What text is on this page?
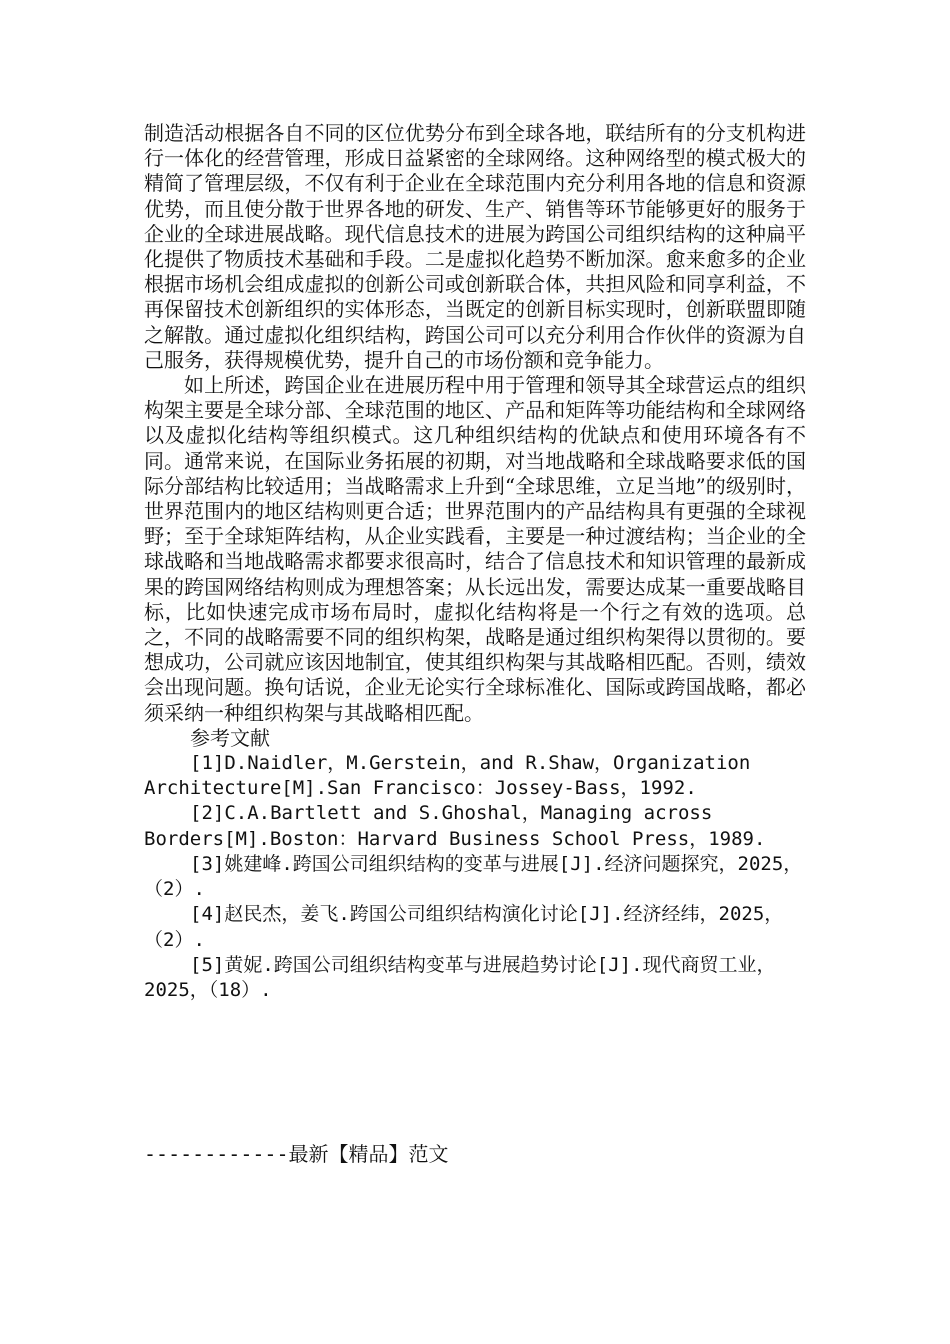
制造活动根据各自不同的区位优势分布到全球各地，联结所有的分支机构进行一体化的经营管理，形成日益紧密的全球网络。这种网络型的模式极大的精简了管理层级，不仅有利于企业在全球范围内充分利用各地的信息和资源优势，而且使分散于世界各地的研发、生产、销售等环节能够更好的服务于企业的全球进展战略。现代信息技术的进展为跨国公司组织结构的这种扁平化提供了物质技术基础和手段。二是虚拟化趋势不断加深。愈来愈多的企业根据市场机会组成虚拟的创新公司或创新联合体，共担风险和同享利益，不再保留技术创新组织的实体形态，当既定的创新目标实现时，创新联盟即随之解散。通过虚拟化组织结构，跨国公司可以充分利用合作伙伴的资源为自己服务，获得规模优势，提升自己的市场份额和竞争能力。

如上所述，跨国企业在进展历程中用于管理和领导其全球营运点的组织构架主要是全球分部、全球范围的地区、产品和矩阵等功能结构和全球网络以及虚拟化结构等组织模式。这几种组织结构的优缺点和使用环境各有不同。通常来说，在国际业务拓展的初期，对当地战略和全球战略要求低的国际分部结构比较适用；当战略需求上升到“全球思维，立足当地”的级别时，世界范围内的地区结构则更合适；世界范围内的产品结构具有更强的全球视野；至于全球矩阵结构，从企业实践看，主要是一种过渡结构；当企业的全球战略和当地战略需求都要求很高时，结合了信息技术和知识管理的最新成果的跨国网络结构则成为理想答案；从长远出发，需要达成某一重要战略目标，比如快速完成市场布局时，虚拟化结构将是一个行之有效的选项。总之，不同的战略需要不同的组织构架，战略是通过组织构架得以贯彻的。要想成功，公司就应该因地制宜，使其组织构架与其战略相匹配。否则，绩效会出现问题。换句话说，企业无论实行全球标准化、国际或跨国战略，都必须采纳一种组织构架与其战略相匹配。

参考文献

[1]D.Naidler，M.Gerstein，and R.Shaw，Organization Architecture[M].San Francisco：Jossey-Bass，1992.

[2]C.A.Bartlett and S.Ghoshal，Managing across Borders[M].Boston：Harvard Business School Press，1989.

[3]姚建峰.跨国公司组织结构的变革与进展[J].经济问题探究，2025，（2）.

[4]赵民杰，姜飞.跨国公司组织结构演化讨论[J].经济经纬，2025，（2）.

[5]黄妮.跨国公司组织结构变革与进展趋势讨论[J].现代商贸工业，2025，（18）.

------------最新【精品】范文
